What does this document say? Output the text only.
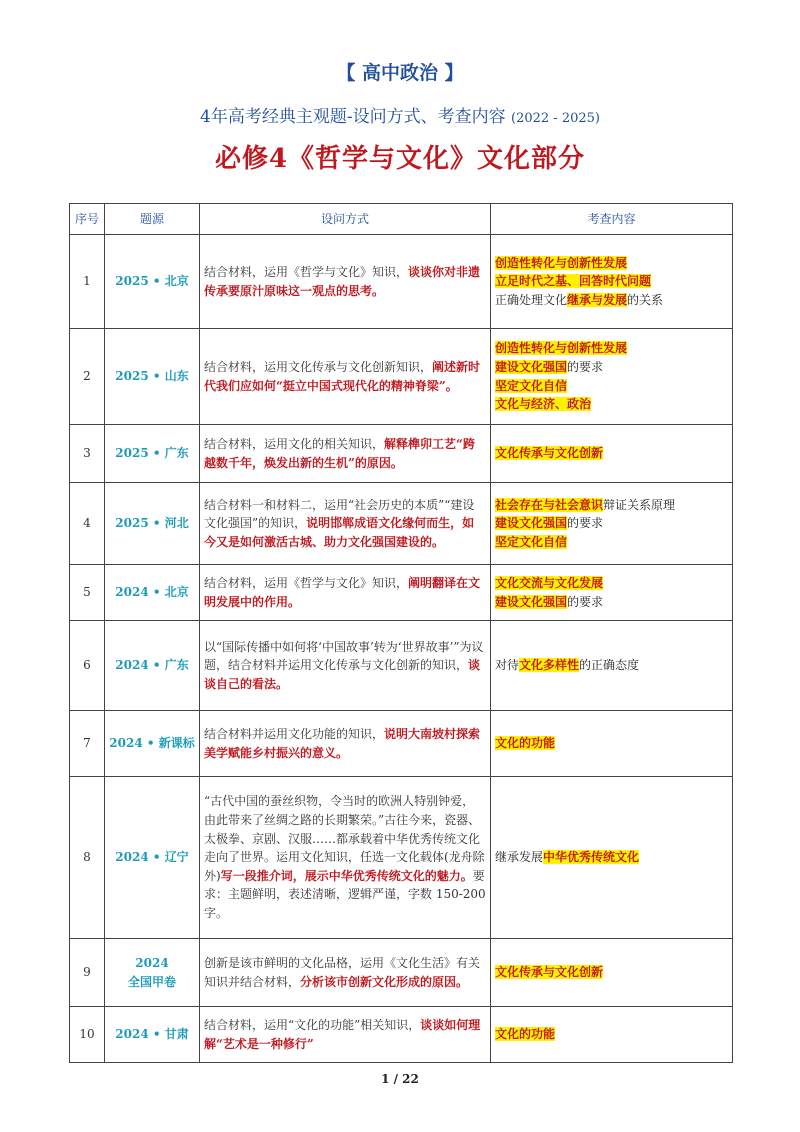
【 高中政治 】
4年高考经典主观题-设问方式、考查内容 (2022 - 2025)
必修4《哲学与文化》文化部分
序号	题源	设问方式	考查内容
1	2025 • 北京	结合材料，运用《哲学与文化》知识，谈谈你对非遗传承要原汁原味这一观点的思考。	创造性转化与创新性发展
立足时代之基、回答时代问题
正确处理文化继承与发展的关系

2	2025 • 山东	结合材料，运用文化传承与文化创新知识，阐述新时代我们应如何“挺立中国式现代化的精神脊梁”。	创造性转化与创新性发展
建设文化强国的要求
坚定文化自信
文化与经济、政治

3	2025 • 广东	结合材料，运用文化的相关知识，解释榫卯工艺“跨越数千年，焕发出新的生机”的原因。	文化传承与文化创新

4	2025 • 河北	结合材料一和材料二，运用“社会历史的本质”“建设文化强国”的知识，说明邯郸成语文化缘何而生，如今又是如何激活古城、助力文化强国建设的。	社会存在与社会意识辩证关系原理
建设文化强国的要求
坚定文化自信

5	2024 • 北京	结合材料，运用《哲学与文化》知识，阐明翻译在文明发展中的作用。	文化交流与文化发展
建设文化强国的要求

6	2024 • 广东	以“国际传播中如何将‘中国故事’转为‘世界故事’”为议题，结合材料并运用文化传承与文化创新的知识，谈谈自己的看法。	对待文化多样性的正确态度

7	2024 • 新课标	结合材料并运用文化功能的知识，说明大南坡村探索美学赋能乡村振兴的意义。	文化的功能

8	2024 • 辽宁	“古代中国的蚕丝织物，令当时的欧洲人特别钟爱，由此带来了丝绸之路的长期繁荣。”古往今来，瓷器、太极拳、京剧、汉服……都承载着中华优秀传统文化走向了世界。运用文化知识，任选一文化载体(龙舟除外)写一段推介词，展示中华优秀传统文化的魅力。要求：主题鲜明，表述清晰，逻辑严谨，字数 150-200 字。	继承发展中华优秀传统文化

9	2024
全国甲卷	创新是该市鲜明的文化品格，运用《文化生活》有关知识并结合材料，分析该市创新文化形成的原因。	文化传承与文化创新

10	2024 • 甘肃	结合材料，运用“文化的功能”相关知识，谈谈如何理解“艺术是一种修行”	文化的功能
1 / 22
